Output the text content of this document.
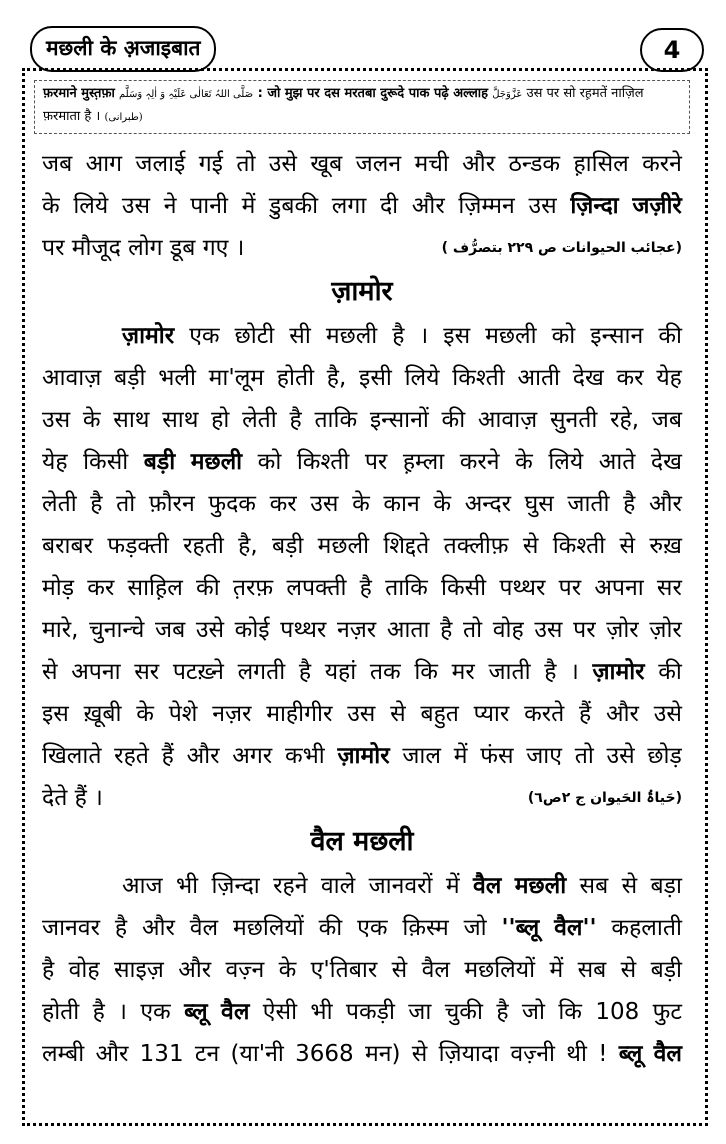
मछली के अ़जाइबात	4
फ़रमाने मुस्त़फ़ा صَلَّی اللہُ تَعَالٰی عَلَیْہِ وَ اٰلِہٖ وَسَلَّم : जो मुझ पर दस मरतबा दुरूदे पाक पढ़े अल्लाह عَزَّوَجَلَّ उस पर सो रह़मतें नाज़िल फ़रमाता है । (طبرانی)
जब आग जलाई गई तो उसे खूब जलन मची और ठन्डक ह़ासिल करने
के लिये उस ने पानी में डुबकी लगा दी और ज़िम्मन उस ज़िन्दा जज़ीरे
पर
मौजूद
लोग
डूब
गए
।
	(عجائب الحیوانات ص ۲۲۹ بتصرُّف )
ज़ामोर
ज़ामोर एक छोटी सी मछली है । इस मछली को इन्सान की
आवाज़ बड़ी भली मा'लूम होती है, इसी लिये किश्ती आती देख कर येह
उस के साथ साथ हो लेती है ताकि इन्सानों की आवाज़ सुनती रहे, जब
येह किसी बड़ी मछली को किश्ती पर ह़म्ला करने के लिये आते देख
लेती है तो फ़ौरन फुदक कर उस के कान के अन्दर घुस जाती है और
बराबर फड़क्ती रहती है, बड़ी मछली शिद्दते तक्लीफ़ से किश्ती से रुख़
मोड़ कर साह़िल की त़रफ़ लपक्ती है ताकि किसी पथ्थर पर अपना सर
मारे, चुनान्चे जब उसे कोई पथ्थर नज़र आता है तो वोह उस पर ज़ोर ज़ोर
से अपना सर पटख़्ने लगती है यहां तक कि मर जाती है । ज़ामोर की
इस ख़ूबी के पेशे नज़र माहीगीर उस से बहुत प्यार करते हैं और उसे
खिलाते रहते हैं और अगर कभी ज़ामोर जाल में फंस जाए तो उसे छोड़
देते
हैं
।
	(حَیاۃُ الحَیوان ج ۲ص٦)
वैल मछली
आज भी ज़िन्दा रहने वाले जानवरों में वैल मछली सब से बड़ा
जानवर है और वैल मछलियों की एक क़िस्म जो ''ब्लू वैल'' कहलाती
है वोह साइज़ और वज़्न के ए'तिबार से वैल मछलियों में सब से बड़ी
होती है । एक ब्लू वैल ऐसी भी पकड़ी जा चुकी है जो कि 108 फुट
लम्बी और 131 टन (या'नी 3668 मन) से ज़ियादा वज़्नी थी ! ब्लू वैल
